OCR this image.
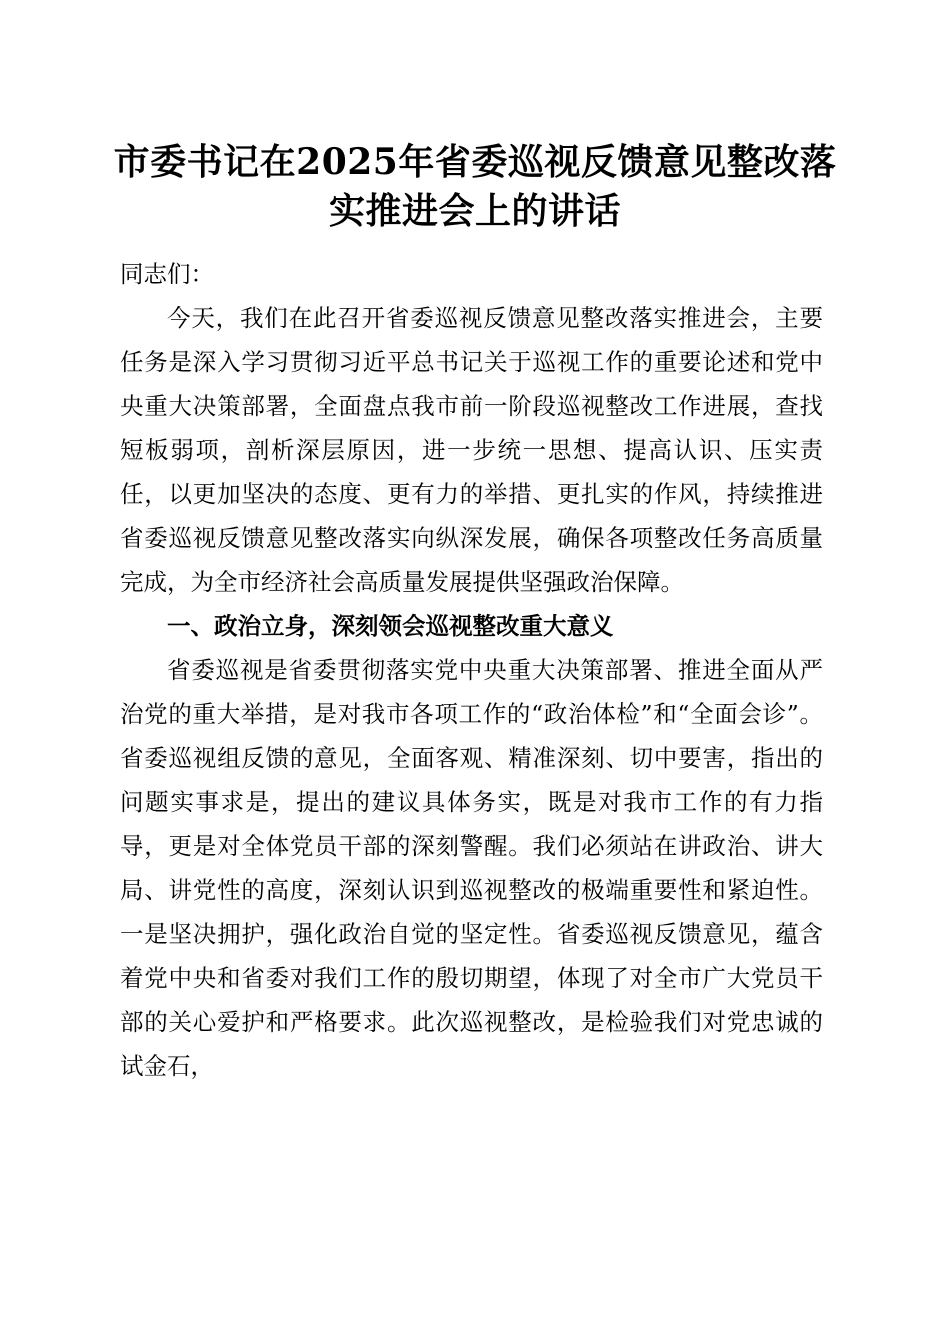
市委书记在2025年省委巡视反馈意见整改落实推进会上的讲话

同志们：

今天，我们在此召开省委巡视反馈意见整改落实推进会，主要任务是深入学习贯彻习近平总书记关于巡视工作的重要论述和党中央重大决策部署，全面盘点我市前一阶段巡视整改工作进展，查找短板弱项，剖析深层原因，进一步统一思想、提高认识、压实责任，以更加坚决的态度、更有力的举措、更扎实的作风，持续推进省委巡视反馈意见整改落实向纵深发展，确保各项整改任务高质量完成，为全市经济社会高质量发展提供坚强政治保障。

一、政治立身，深刻领会巡视整改重大意义

省委巡视是省委贯彻落实党中央重大决策部署、推进全面从严治党的重大举措，是对我市各项工作的“政治体检”和“全面会诊”。省委巡视组反馈的意见，全面客观、精准深刻、切中要害，指出的问题实事求是，提出的建议具体务实，既是对我市工作的有力指导，更是对全体党员干部的深刻警醒。我们必须站在讲政治、讲大局、讲党性的高度，深刻认识到巡视整改的极端重要性和紧迫性。一是坚决拥护，强化政治自觉的坚定性。省委巡视反馈意见，蕴含着党中央和省委对我们工作的殷切期望，体现了对全市广大党员干部的关心爱护和严格要求。此次巡视整改，是检验我们对党忠诚的试金石，
